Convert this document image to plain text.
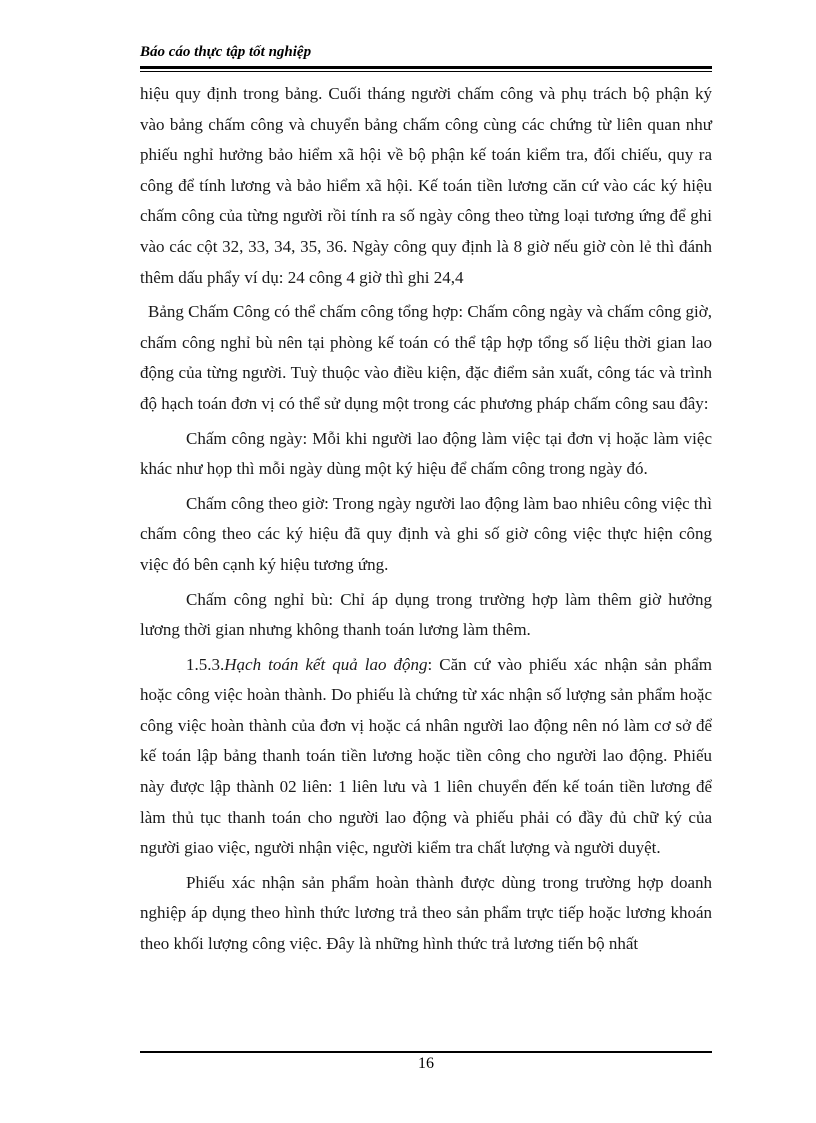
Báo cáo thực tập tốt nghiệp

hiệu quy định trong bảng. Cuối tháng người chấm công và phụ trách bộ phận ký vào bảng chấm công và chuyển bảng chấm công cùng các chứng từ liên quan như phiếu nghỉ hưởng bảo hiểm xã hội về bộ phận kế toán kiểm tra, đối chiếu, quy ra công để tính lương và bảo hiểm xã hội. Kế toán tiền lương căn cứ vào các ký hiệu chấm công của từng người rồi tính ra số ngày công theo từng loại tương ứng để ghi vào các cột 32, 33, 34, 35, 36. Ngày công quy định là 8 giờ nếu giờ còn lẻ thì đánh thêm dấu phẩy ví dụ: 24 công 4 giờ thì ghi 24,4

Bảng Chấm Công có thể chấm công tổng hợp: Chấm công ngày và chấm công giờ, chấm công nghỉ bù nên tại phòng kế toán có thể tập hợp tổng số liệu thời gian lao động của từng người. Tuỳ thuộc vào điều kiện, đặc điểm sản xuất, công tác và trình độ hạch toán đơn vị có thể sử dụng một trong các phương pháp chấm công sau đây:

Chấm công ngày: Mỗi khi người lao động làm việc tại đơn vị hoặc làm việc khác như họp thì mỗi ngày dùng một ký hiệu để chấm công trong ngày đó.

Chấm công theo giờ: Trong ngày người lao động làm bao nhiêu công việc thì chấm công theo các ký hiệu đã quy định và ghi số giờ công việc thực hiện công việc đó bên cạnh ký hiệu tương ứng.

Chấm công nghỉ bù: Chỉ áp dụng trong trường hợp làm thêm giờ hưởng lương thời gian nhưng không thanh toán lương làm thêm.

1.5.3.Hạch toán kết quả lao động: Căn cứ vào phiếu xác nhận sản phẩm hoặc công việc hoàn thành. Do phiếu là chứng từ xác nhận số lượng sản phẩm hoặc công việc hoàn thành của đơn vị hoặc cá nhân người lao động nên nó làm cơ sở để kế toán lập bảng thanh toán tiền lương hoặc tiền công cho người lao động. Phiếu này được lập thành 02 liên: 1 liên lưu và 1 liên chuyển đến kế toán tiền lương để làm thủ tục thanh toán cho người lao động và phiếu phải có đầy đủ chữ ký của người giao việc, người nhận việc, người kiểm tra chất lượng và người duyệt.

Phiếu xác nhận sản phẩm hoàn thành được dùng trong trường hợp doanh nghiệp áp dụng theo hình thức lương trả theo sản phẩm trực tiếp hoặc lương khoán theo khối lượng công việc. Đây là những hình thức trả lương tiến bộ nhất

16
